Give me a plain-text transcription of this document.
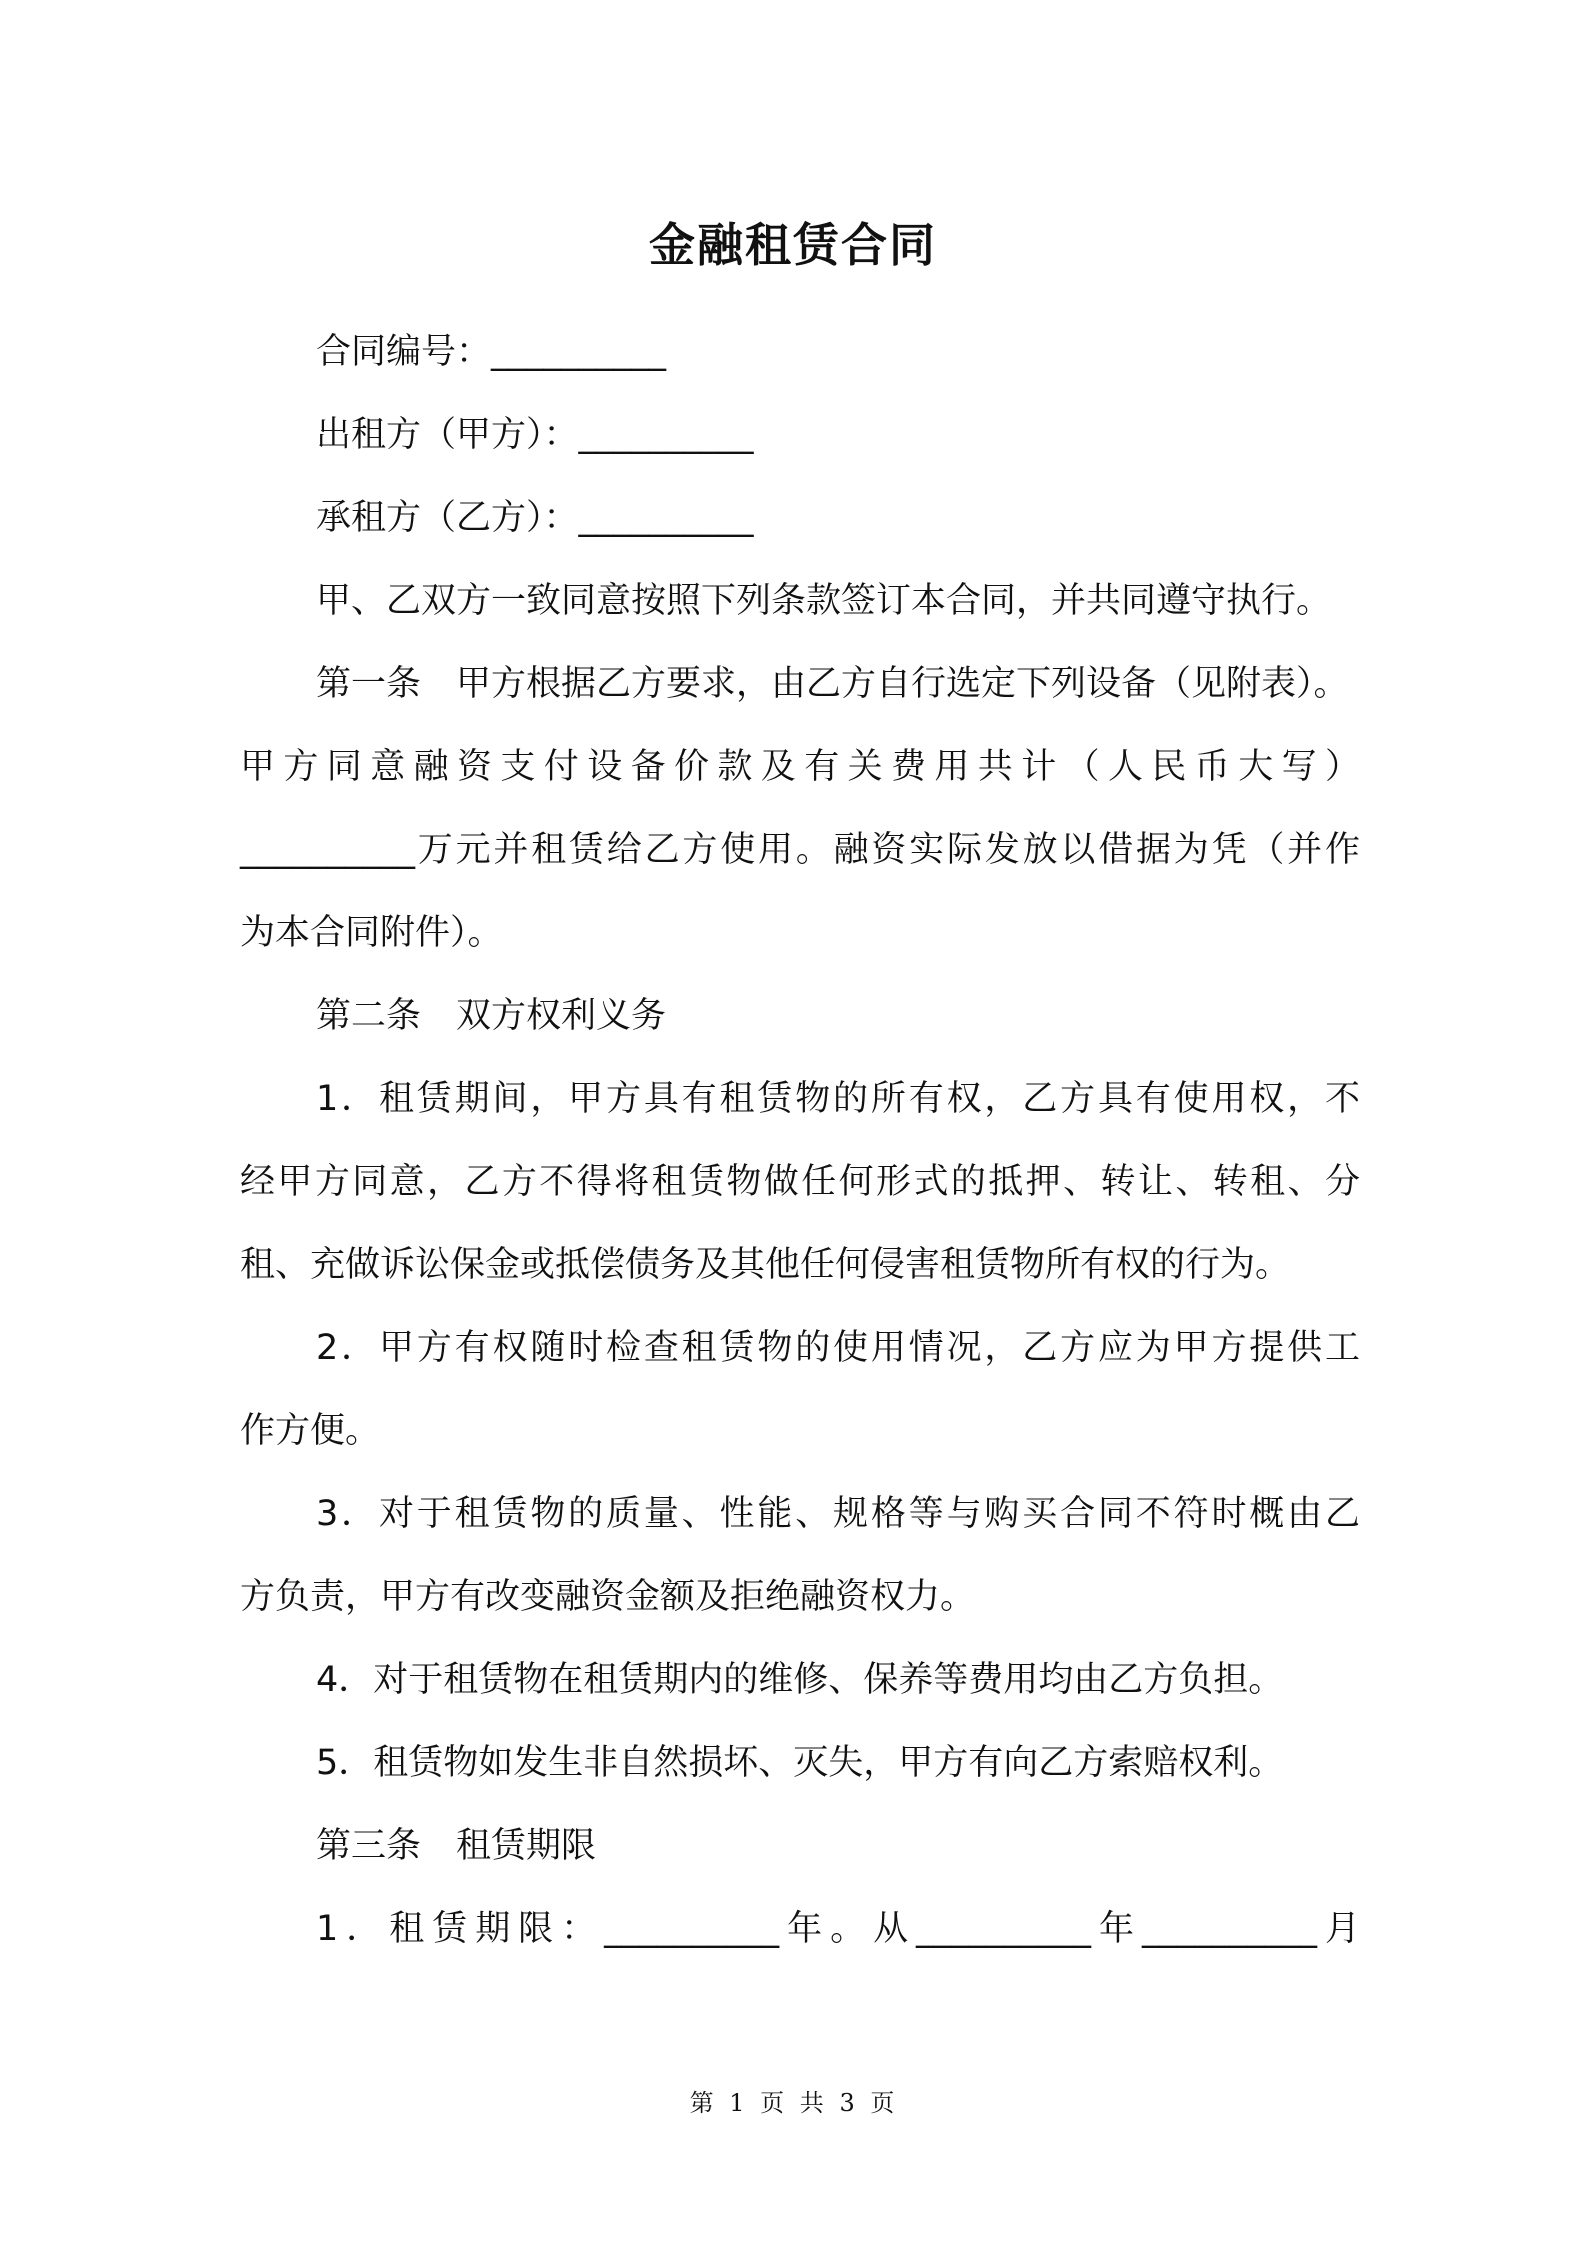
金融租赁合同
合同编号：__________
出租方（甲方）：__________
承租方（乙方）：__________
甲、乙双方一致同意按照下列条款签订本合同，并共同遵守执行。
第一条　甲方根据乙方要求，由乙方自行选定下列设备（见附表）。
甲方同意融资支付设备价款及有关费用共计（人民币大写）
__________万元并租赁给乙方使用。融资实际发放以借据为凭（并作
为本合同附件）。
第二条　双方权利义务
1．租赁期间，甲方具有租赁物的所有权，乙方具有使用权，不
经甲方同意，乙方不得将租赁物做任何形式的抵押、转让、转租、分
租、充做诉讼保金或抵偿债务及其他任何侵害租赁物所有权的行为。
2．甲方有权随时检查租赁物的使用情况，乙方应为甲方提供工
作方便。
3．对于租赁物的质量、性能、规格等与购买合同不符时概由乙
方负责，甲方有改变融资金额及拒绝融资权力。
4．对于租赁物在租赁期内的维修、保养等费用均由乙方负担。
5．租赁物如发生非自然损坏、灭失，甲方有向乙方索赔权利。
第三条　租赁期限
1．租赁期限：__________年。从__________年__________月
第 1 页 共 3 页
